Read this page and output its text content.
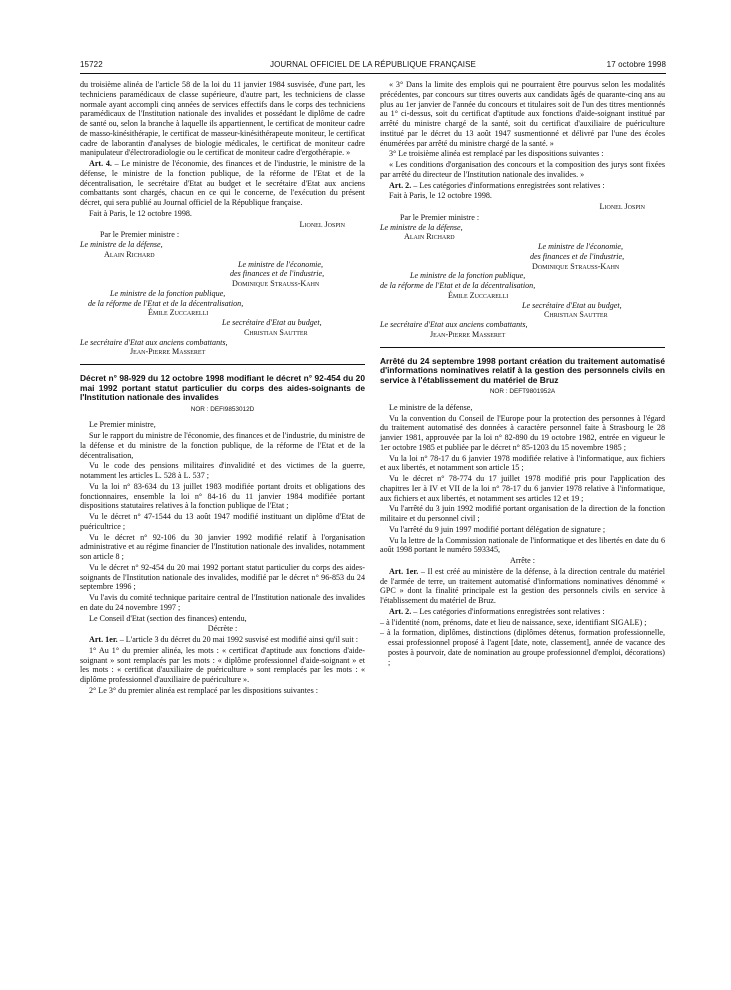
15722	JOURNAL OFFICIEL DE LA RÉPUBLIQUE FRANÇAISE	17 octobre 1998

du troisième alinéa de l'article 58 de la loi du 11 janvier 1984 susvisée, d'une part, les techniciens paramédicaux de classe supérieure, d'autre part, les techniciens de classe normale ayant accompli cinq années de services effectifs dans le corps des techniciens paramédicaux de l'Institution nationale des invalides et possédant le diplôme de cadre de santé ou, selon la branche à laquelle ils appartiennent, le certificat de moniteur cadre de masso-kinésithérapie, le certificat de masseur-kinésithérapeute moniteur, le certificat cadre de laborantin d'analyses de biologie médicales, le certificat de moniteur cadre manipulateur d'électroradiologie ou le certificat de moniteur cadre d'ergothérapie. »

Art. 4. – Le ministre de l'économie, des finances et de l'industrie, le ministre de la défense, le ministre de la fonction publique, de la réforme de l'Etat et de la décentralisation, le secrétaire d'Etat au budget et le secrétaire d'Etat aux anciens combattants sont chargés, chacun en ce qui le concerne, de l'exécution du présent décret, qui sera publié au Journal officiel de la République française.

Fait à Paris, le 12 octobre 1998.

Lionel Jospin

Par le Premier ministre :

Le ministre de la défense,

Alain Richard

Le ministre de l'économie,

des finances et de l'industrie,

Dominique Strauss-Kahn

Le ministre de la fonction publique,

de la réforme de l'Etat et de la décentralisation,

Émile Zuccarelli

Le secrétaire d'Etat au budget,

Christian Sautter

Le secrétaire d'Etat aux anciens combattants,

Jean-Pierre Masseret

Décret n° 98-929 du 12 octobre 1998 modifiant le décret n° 92-454 du 20 mai 1992 portant statut particulier du corps des aides-soignants de l'Institution nationale des invalides
NOR : DEFI9853012D

Le Premier ministre,

Sur le rapport du ministre de l'économie, des finances et de l'industrie, du ministre de la défense et du ministre de la fonction publique, de la réforme de l'Etat et de la décentralisation,

Vu le code des pensions militaires d'invalidité et des victimes de la guerre, notamment les articles L. 528 à L. 537 ;

Vu la loi n° 83-634 du 13 juillet 1983 modifiée portant droits et obligations des fonctionnaires, ensemble la loi n° 84-16 du 11 janvier 1984 modifiée portant dispositions statutaires relatives à la fonction publique de l'Etat ;

Vu le décret n° 47-1544 du 13 août 1947 modifié instituant un diplôme d'Etat de puéricultrice ;

Vu le décret n° 92-106 du 30 janvier 1992 modifié relatif à l'organisation administrative et au régime financier de l'Institution nationale des invalides, notamment son article 8 ;

Vu le décret n° 92-454 du 20 mai 1992 portant statut particulier du corps des aides-soignants de l'Institution nationale des invalides, modifié par le décret n° 96-853 du 24 septembre 1996 ;

Vu l'avis du comité technique paritaire central de l'Institution nationale des invalides en date du 24 novembre 1997 ;

Le Conseil d'Etat (section des finances) entendu,

Décrète :

Art. 1er. – L'article 3 du décret du 20 mai 1992 susvisé est modifié ainsi qu'il suit :

1° Au 1° du premier alinéa, les mots : « certificat d'aptitude aux fonctions d'aide-soignant » sont remplacés par les mots : « diplôme professionnel d'aide-soignant » et les mots : « certificat d'auxiliaire de puériculture » sont remplacés par les mots : « diplôme professionnel d'auxiliaire de puériculture ».

2° Le 3° du premier alinéa est remplacé par les dispositions suivantes :

« 3° Dans la limite des emplois qui ne pourraient être pourvus selon les modalités précédentes, par concours sur titres ouverts aux candidats âgés de quarante-cinq ans au plus au 1er janvier de l'année du concours et titulaires soit de l'un des titres mentionnés au 1° ci-dessus, soit du certificat d'aptitude aux fonctions d'aide-soignant institué par arrêté du ministre chargé de la santé, soit du certificat d'auxiliaire de puériculture institué par le décret du 13 août 1947 susmentionné et délivré par l'une des écoles énumérées par arrêté du ministre chargé de la santé. »

3° Le troisième alinéa est remplacé par les dispositions suivantes :

« Les conditions d'organisation des concours et la composition des jurys sont fixées par arrêté du directeur de l'Institution nationale des invalides. »

Art. 2. – Les catégories d'informations enregistrées sont relatives :

Fait à Paris, le 12 octobre 1998.

Lionel Jospin

Par le Premier ministre :

Le ministre de la défense,

Alain Richard

Le ministre de l'économie,

des finances et de l'industrie,

Dominique Strauss-Kahn

Le ministre de la fonction publique,

de la réforme de l'Etat et de la décentralisation,

Émile Zuccarelli

Le secrétaire d'Etat au budget,

Christian Sautter

Le secrétaire d'Etat aux anciens combattants,

Jean-Pierre Masseret

Arrêté du 24 septembre 1998 portant création du traitement automatisé d'informations nominatives relatif à la gestion des personnels civils en service à l'établissement du matériel de Bruz
NOR : DEFT9801952A

Le ministre de la défense,

Vu la convention du Conseil de l'Europe pour la protection des personnes à l'égard du traitement automatisé des données à caractère personnel faite à Strasbourg le 28 janvier 1981, approuvée par la loi n° 82-890 du 19 octobre 1982, entrée en vigueur le 1er octobre 1985 et publiée par le décret n° 85-1203 du 15 novembre 1985 ;

Vu la loi n° 78-17 du 6 janvier 1978 modifiée relative à l'informatique, aux fichiers et aux libertés, et notamment son article 15 ;

Vu le décret n° 78-774 du 17 juillet 1978 modifié pris pour l'application des chapitres Ier à IV et VII de la loi n° 78-17 du 6 janvier 1978 relative à l'informatique, aux fichiers et aux libertés, et notamment ses articles 12 et 19 ;

Vu l'arrêté du 3 juin 1992 modifié portant organisation de la direction de la fonction militaire et du personnel civil ;

Vu l'arrêté du 9 juin 1997 modifié portant délégation de signature ;

Vu la lettre de la Commission nationale de l'informatique et des libertés en date du 6 août 1998 portant le numéro 593345,

Arrête :

Art. 1er. – Il est créé au ministère de la défense, à la direction centrale du matériel de l'armée de terre, un traitement automatisé d'informations nominatives dénommé « GPC » dont la finalité principale est la gestion des personnels civils en service à l'établissement du matériel de Bruz.

Art. 2. – Les catégories d'informations enregistrées sont relatives :

– à l'identité (nom, prénoms, date et lieu de naissance, sexe, identifiant SIGALE) ;

– à la formation, diplômes, distinctions (diplômes détenus, formation professionnelle, essai professionnel proposé à l'agent [date, note, classement], année de vacance des postes à pourvoir, date de nomination au groupe professionnel d'emploi, décorations) ;
